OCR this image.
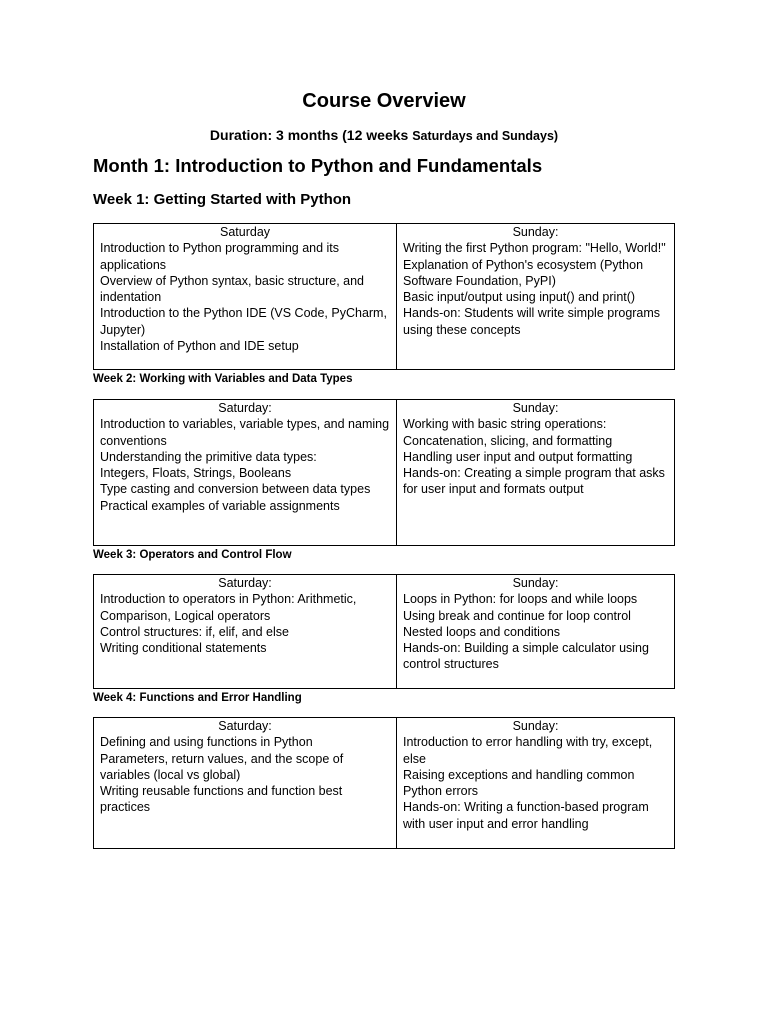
Course Overview

Duration: 3 months (12 weeks Saturdays and Sundays)

Month 1: Introduction to Python and Fundamentals
Week 1: Getting Started with Python
Saturday
Introduction to Python programming and its applications
Overview of Python syntax, basic structure, and indentation
Introduction to the Python IDE (VS Code, PyCharm, Jupyter)
Installation of Python and IDE setup

Sunday:
Writing the first Python program: "Hello, World!"
Explanation of Python's ecosystem (Python Software Foundation, PyPI)
Basic input/output using input() and print()
Hands-on: Students will write simple programs using these concepts
Week 2: Working with Variables and Data Types
Saturday:
Introduction to variables, variable types, and naming conventions
Understanding the primitive data types:
Integers, Floats, Strings, Booleans
Type casting and conversion between data types
Practical examples of variable assignments

Sunday:
Working with basic string operations:
Concatenation, slicing, and formatting
Handling user input and output formatting
Hands-on: Creating a simple program that asks for user input and formats output
Week 3: Operators and Control Flow
Saturday:
Introduction to operators in Python: Arithmetic, Comparison, Logical operators
Control structures: if, elif, and else
Writing conditional statements

Sunday:
Loops in Python: for loops and while loops
Using break and continue for loop control
Nested loops and conditions
Hands-on: Building a simple calculator using control structures
Week 4: Functions and Error Handling
Saturday:
Defining and using functions in Python
Parameters, return values, and the scope of variables (local vs global)
Writing reusable functions and function best practices

Sunday:
Introduction to error handling with try, except, else
Raising exceptions and handling common Python errors
Hands-on: Writing a function-based program with user input and error handling
